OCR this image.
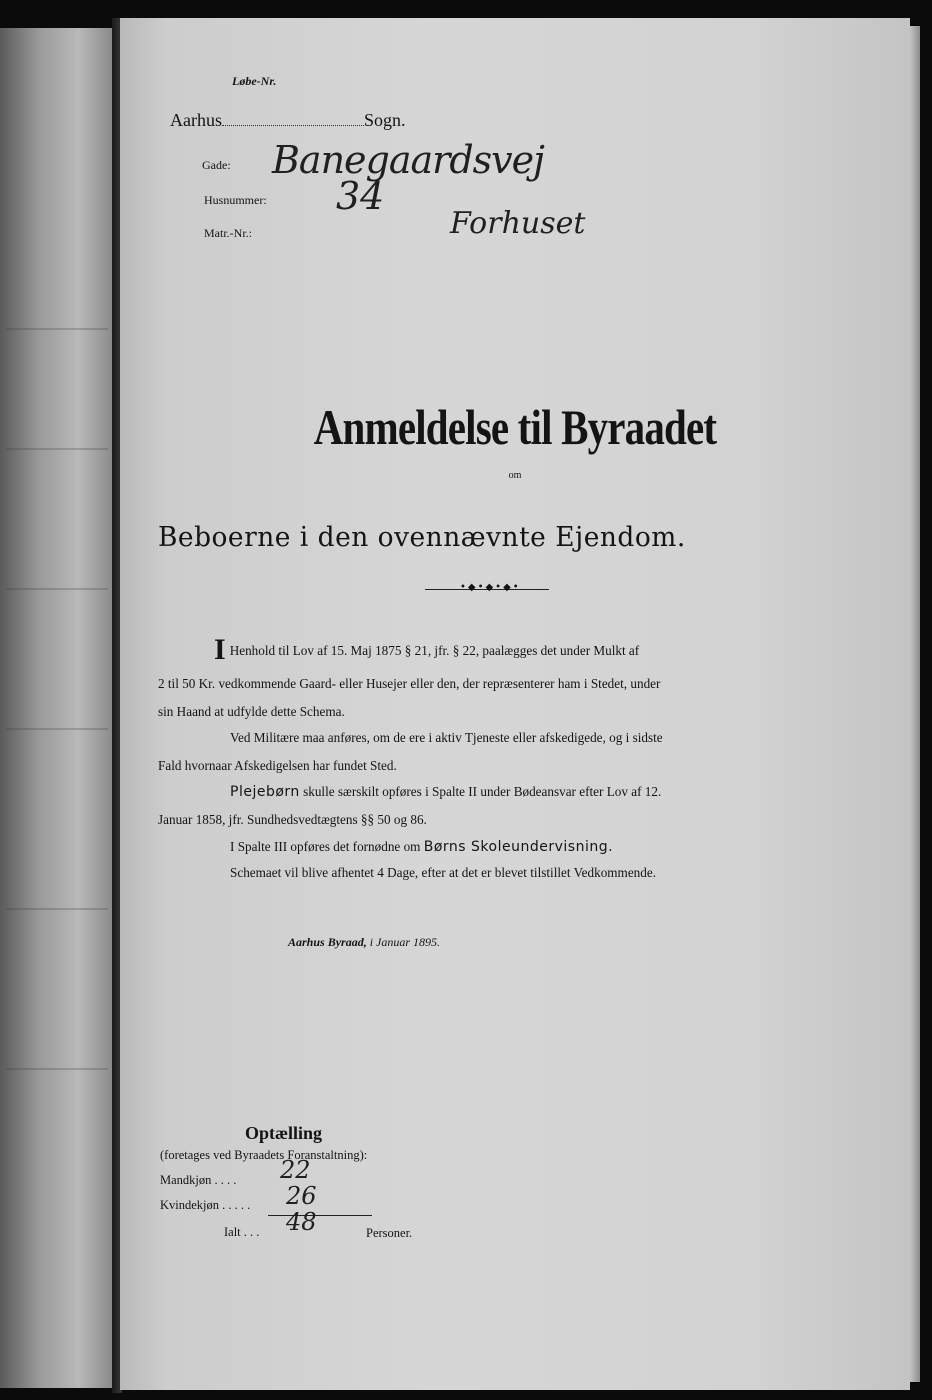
Løbe-Nr.
Aarhus	Sogn.
Gade: Banegaardsvej
Husnummer: 34
Matr.-Nr.:	Forhuset
Anmeldelse til Byraadet
om
Beboerne i den ovennævnte Ejendom.
•◆•◆•◆•
I Henhold til Lov af 15. Maj 1875 § 21, jfr. § 22, paalægges det under Mulkt af
2 til 50 Kr. vedkommende Gaard- eller Husejer eller den, der repræsenterer ham i Stedet, under
sin Haand at udfylde dette Schema.
Ved Militære maa anføres, om de ere i aktiv Tjeneste eller afskedigede, og i sidste
Fald hvornaar Afskedigelsen har fundet Sted.
Plejebørn skulle særskilt opføres i Spalte II under Bødeansvar efter Lov af 12.
Januar 1858, jfr. Sundhedsvedtægtens §§ 50 og 86.
I Spalte III opføres det fornødne om Børns Skoleundervisning.
Schemaet vil blive afhentet 4 Dage, efter at det er blevet tilstillet Vedkommende.
Aarhus Byraad, i Januar 1895.
Optælling
(foretages ved Byraadets Foranstaltning):
Mandkjøn . . . . 22
Kvindekjøn . . . . . 26
Ialt . . . 48	Personer.
